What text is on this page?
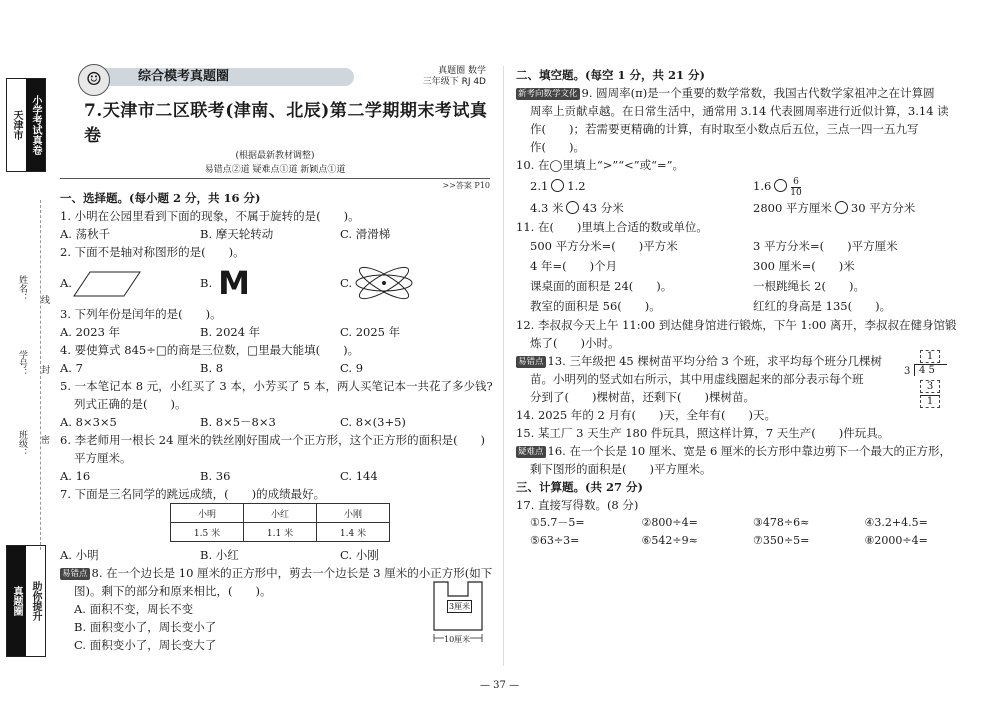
天津市 小学考试真卷
姓名：
学号：
班级：
线
封
密
真题圈 助你提升
综合模考真题圈
☺	真题圈 数学
三年级下 RJ 4D
7.天津市二区联考(津南、北辰)第二学期期末考试真卷
(根据最新教材调整)
易错点②道 疑难点①道 新颖点①道
>>答案 P10
一、选择题。(每小题 2 分，共 16 分)
1. 小明在公园里看到下面的现象，不属于旋转的是(　　)。
A. 荡秋千	B. 摩天轮转动	C. 滑滑梯
2. 下面不是轴对称图形的是(　　)。
A.	B. M	C.
3. 下列年份是闰年的是(　　)。
A. 2023 年	B. 2024 年	C. 2025 年
4. 要使算式 845÷□的商是三位数，□里最大能填(　　)。
A. 7	B. 8	C. 9
5. 一本笔记本 8 元，小红买了 3 本，小芳买了 5 本，两人买笔记本一共花了多少钱?
列式正确的是(　　)。
A. 8×3×5	B. 8×5－8×3	C. 8×(3+5)
6. 李老师用一根长 24 厘米的铁丝刚好围成一个正方形，这个正方形的面积是(　　)
平方厘米。
A. 16	B. 36	C. 144
7. 下面是三名同学的跳远成绩，(　　)的成绩最好。
小明	小红	小刚
1.5 米	1.1 米	1.4 米
A. 小明	B. 小红	C. 小刚
易错点 8. 在一个边长是 10 厘米的正方形中，剪去一个边长是 3 厘米的小正方形(如下
图)。剩下的部分和原来相比，(　　)。
A. 面积不变，周长不变
B. 面积变小了，周长变小了
C. 面积变小了，周长变大了
3厘米
10厘米
二、填空题。(每空 1 分，共 21 分)
新考向数学文化 9. 圆周率(π)是一个重要的数学常数，我国古代数学家祖冲之在计算圆
周率上贡献卓越。在日常生活中，通常用 3.14 代表圆周率进行近似计算，3.14 读
作(　　)；若需要更精确的计算，有时取至小数点后五位，三点一四一五九写
作(　　)。
10. 在◯里填上“>”“<”或“=”。
2.1 1.2	$1.6 \frac{6}{10}$
4.3 米 43 分米	2800 平方厘米 30 平方分米
11. 在(　　)里填上合适的数或单位。
500 平方分米=(　　)平方米	3 平方分米=(　　)平方厘米
4 年=(　　)个月	300 厘米=(　　)米
课桌面的面积是 24(　　)。	一根跳绳长 2(　　)。
教室的面积是 56(　　)。	红红的身高是 135(　　)。
12. 李叔叔今天上午 11:00 到达健身馆进行锻炼，下午 1:00 离开，李叔叔在健身馆锻
炼了(　　)小时。
易错点 13. 三年级把 45 棵树苗平均分给 3 个班，求平均每个班分几棵树
苗。小明列的竖式如右所示，其中用虚线圈起来的部分表示每个班
分到了(　　)棵树苗，还剩下(　　)棵树苗。
1
3 4 5
3
1
14. 2025 年的 2 月有(　　)天，全年有(　　)天。
15. 某工厂 3 天生产 180 件玩具，照这样计算，7 天生产(　　)件玩具。
疑难点 16. 在一个长是 10 厘米、宽是 6 厘米的长方形中靠边剪下一个最大的正方形，
剩下图形的面积是(　　)平方厘米。
三、计算题。(共 27 分)
17. 直接写得数。(8 分)
①5.7－5=	②800÷4=	③478÷6≈	④3.2+4.5=
⑤63÷3=	⑥542÷9≈	⑦350÷5=	⑧2000÷4=
— 37 —
